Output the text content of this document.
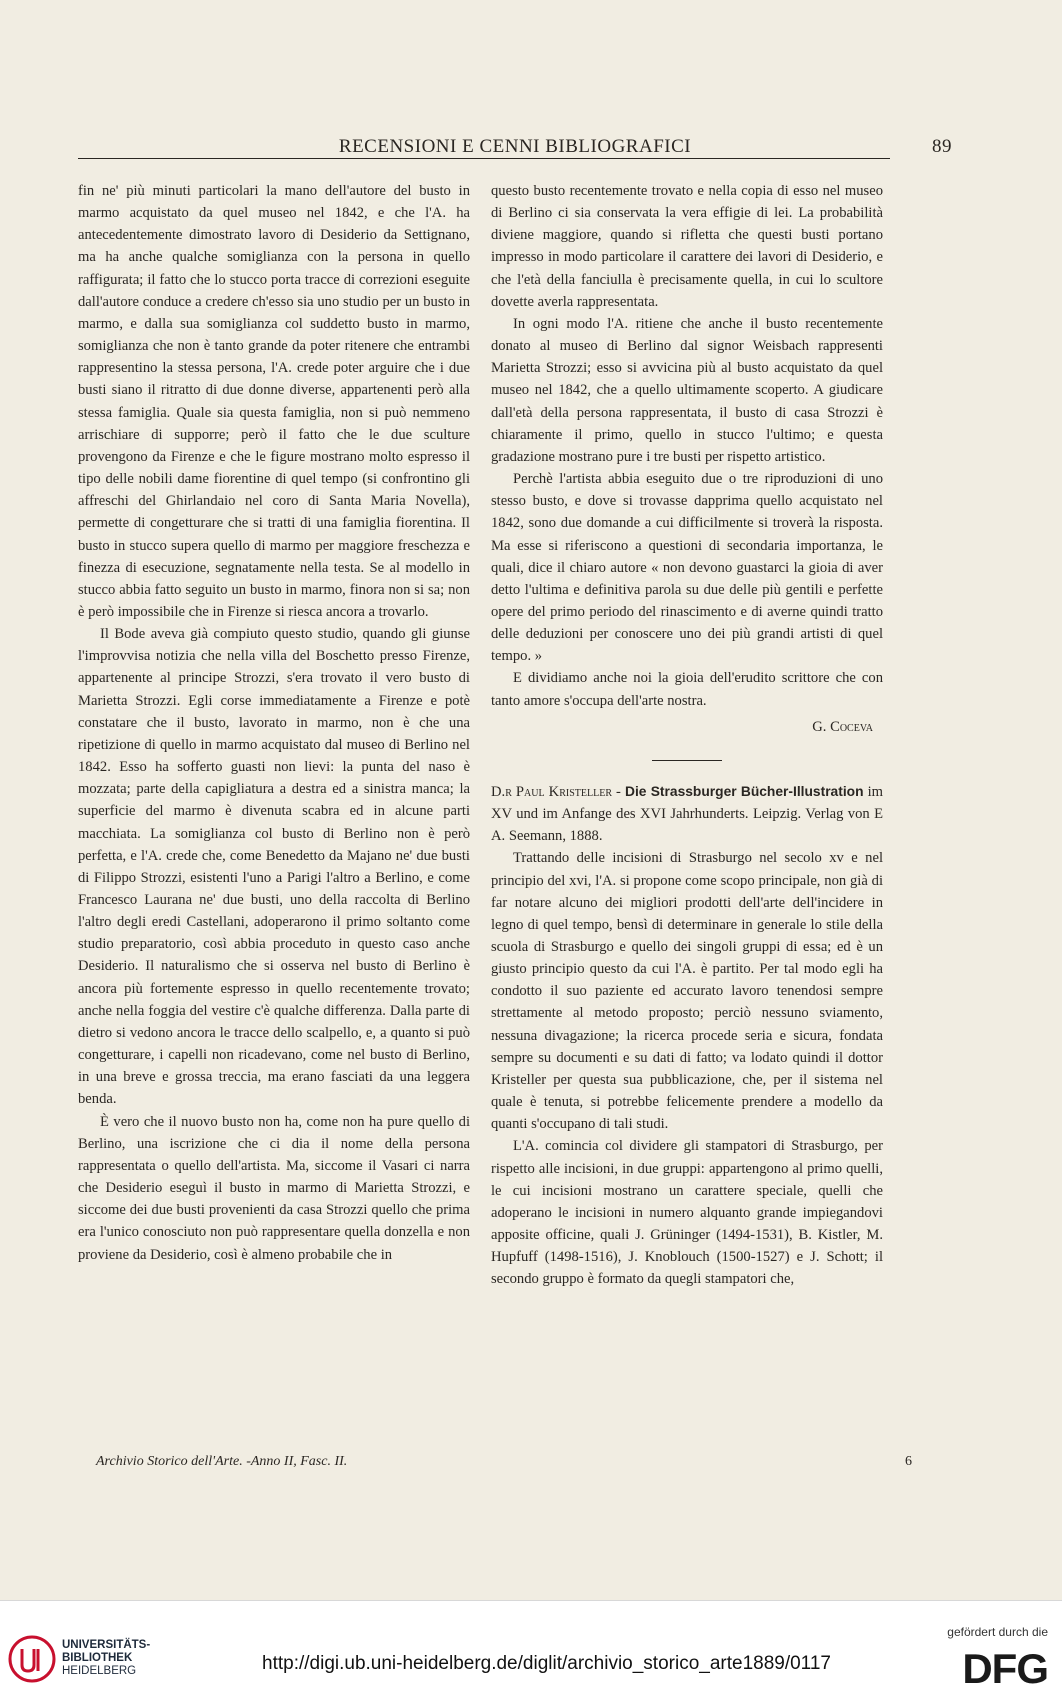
RECENSIONI E CENNI BIBLIOGRAFICI	89

fin ne' più minuti particolari la mano dell'autore del busto in marmo acquistato da quel museo nel 1842, e che l'A. ha antecedentemente dimostrato lavoro di Desiderio da Settignano, ma ha anche qualche somiglianza con la persona in quello raffigurata; il fatto che lo stucco porta tracce di correzioni eseguite dall'autore conduce a credere ch'esso sia uno studio per un busto in marmo, e dalla sua somiglianza col suddetto busto in marmo, somiglianza che non è tanto grande da poter ritenere che entrambi rappresentino la stessa persona, l'A. crede poter arguire che i due busti siano il ritratto di due donne diverse, appartenenti però alla stessa famiglia. Quale sia questa famiglia, non si può nemmeno arrischiare di supporre; però il fatto che le due sculture provengono da Firenze e che le figure mostrano molto espresso il tipo delle nobili dame fiorentine di quel tempo (si confrontino gli affreschi del Ghirlandaio nel coro di Santa Maria Novella), permette di congetturare che si tratti di una famiglia fiorentina. Il busto in stucco supera quello di marmo per maggiore freschezza e finezza di esecuzione, segnatamente nella testa. Se al modello in stucco abbia fatto seguito un busto in marmo, finora non si sa; non è però impossibile che in Firenze si riesca ancora a trovarlo.

Il Bode aveva già compiuto questo studio, quando gli giunse l'improvvisa notizia che nella villa del Boschetto presso Firenze, appartenente al principe Strozzi, s'era trovato il vero busto di Marietta Strozzi. Egli corse immediatamente a Firenze e potè constatare che il busto, lavorato in marmo, non è che una ripetizione di quello in marmo acquistato dal museo di Berlino nel 1842. Esso ha sofferto guasti non lievi: la punta del naso è mozzata; parte della capigliatura a destra ed a sinistra manca; la superficie del marmo è divenuta scabra ed in alcune parti macchiata. La somiglianza col busto di Berlino non è però perfetta, e l'A. crede che, come Benedetto da Majano ne' due busti di Filippo Strozzi, esistenti l'uno a Parigi l'altro a Berlino, e come Francesco Laurana ne' due busti, uno della raccolta di Berlino l'altro degli eredi Castellani, adoperarono il primo soltanto come studio preparatorio, così abbia proceduto in questo caso anche Desiderio. Il naturalismo che si osserva nel busto di Berlino è ancora più fortemente espresso in quello recentemente trovato; anche nella foggia del vestire c'è qualche differenza. Dalla parte di dietro si vedono ancora le tracce dello scalpello, e, a quanto si può congetturare, i capelli non ricadevano, come nel busto di Berlino, in una breve e grossa treccia, ma erano fasciati da una leggera benda.

È vero che il nuovo busto non ha, come non ha pure quello di Berlino, una iscrizione che ci dia il nome della persona rappresentata o quello dell'artista. Ma, siccome il Vasari ci narra che Desiderio eseguì il busto in marmo di Marietta Strozzi, e siccome dei due busti provenienti da casa Strozzi quello che prima era l'unico conosciuto non può rappresentare quella donzella e non proviene da Desiderio, così è almeno probabile che in

questo busto recentemente trovato e nella copia di esso nel museo di Berlino ci sia conservata la vera effigie di lei. La probabilità diviene maggiore, quando si rifletta che questi busti portano impresso in modo particolare il carattere dei lavori di Desiderio, e che l'età della fanciulla è precisamente quella, in cui lo scultore dovette averla rappresentata.

In ogni modo l'A. ritiene che anche il busto recentemente donato al museo di Berlino dal signor Weisbach rappresenti Marietta Strozzi; esso si avvicina più al busto acquistato da quel museo nel 1842, che a quello ultimamente scoperto. A giudicare dall'età della persona rappresentata, il busto di casa Strozzi è chiaramente il primo, quello in stucco l'ultimo; e questa gradazione mostrano pure i tre busti per rispetto artistico.

Perchè l'artista abbia eseguito due o tre riproduzioni di uno stesso busto, e dove si trovasse dapprima quello acquistato nel 1842, sono due domande a cui difficilmente si troverà la risposta. Ma esse si riferiscono a questioni di secondaria importanza, le quali, dice il chiaro autore « non devono guastarci la gioia di aver detto l'ultima e definitiva parola su due delle più gentili e perfette opere del primo periodo del rinascimento e di averne quindi tratto delle deduzioni per conoscere uno dei più grandi artisti di quel tempo. »

E dividiamo anche noi la gioia dell'erudito scrittore che con tanto amore s'occupa dell'arte nostra.

G. Coceva

D.r Paul Kristeller - Die Strassburger Bücher-Illustration im XV und im Anfange des XVI Jahrhunderts. Leipzig. Verlag von E A. Seemann, 1888.

Trattando delle incisioni di Strasburgo nel secolo xv e nel principio del xvi, l'A. si propone come scopo principale, non già di far notare alcuno dei migliori prodotti dell'arte dell'incidere in legno di quel tempo, bensì di determinare in generale lo stile della scuola di Strasburgo e quello dei singoli gruppi di essa; ed è un giusto principio questo da cui l'A. è partito. Per tal modo egli ha condotto il suo paziente ed accurato lavoro tenendosi sempre strettamente al metodo proposto; perciò nessuno sviamento, nessuna divagazione; la ricerca procede seria e sicura, fondata sempre su documenti e su dati di fatto; va lodato quindi il dottor Kristeller per questa sua pubblicazione, che, per il sistema nel quale è tenuta, si potrebbe felicemente prendere a modello da quanti s'occupano di tali studi.

L'A. comincia col dividere gli stampatori di Strasburgo, per rispetto alle incisioni, in due gruppi: appartengono al primo quelli, le cui incisioni mostrano un carattere speciale, quelli che adoperano le incisioni in numero alquanto grande impiegandovi apposite officine, quali J. Grüninger (1494-1531), B. Kistler, M. Hupfuff (1498-1516), J. Knoblouch (1500-1527) e J. Schott; il secondo gruppo è formato da quegli stampatori che,

Archivio Storico dell'Arte. -Anno II, Fasc. II.	6
UNIVERSITÄTS-
BIBLIOTHEK
HEIDELBERG	http://digi.ub.uni-heidelberg.de/diglit/archivio_storico_arte1889/0117
gefördert durch die
DFG
